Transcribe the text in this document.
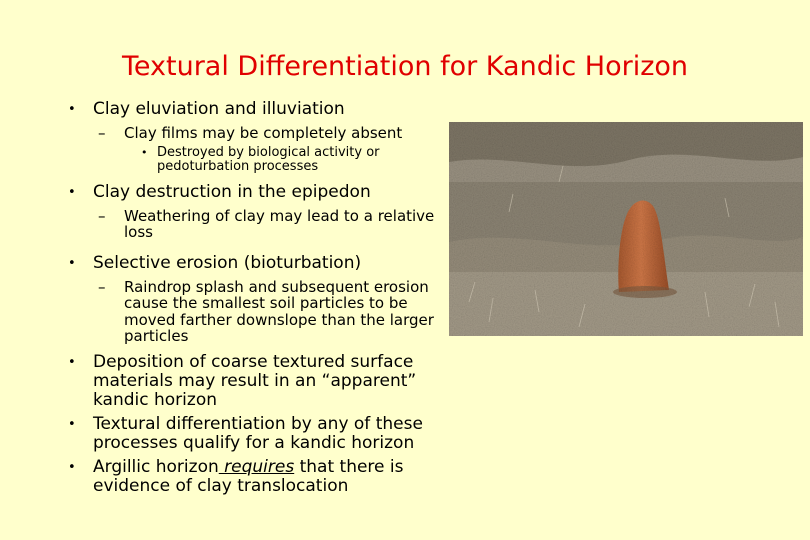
Textural Differentiation for Kandic Horizon
• Clay eluviation and illuviation
– Clay films may be completely absent
• Destroyed by biological activity or pedoturbation processes
• Clay destruction in the epipedon
– Weathering of clay may lead to a relative loss
• Selective erosion (bioturbation)
– Raindrop splash and subsequent erosion cause the smallest soil particles to be moved farther downslope than the larger particles
• Deposition of coarse textured surface materials may result in an “apparent” kandic horizon
• Textural differentiation by any of these processes qualify for a kandic horizon
• Argillic horizon requires that there is evidence of clay translocation
